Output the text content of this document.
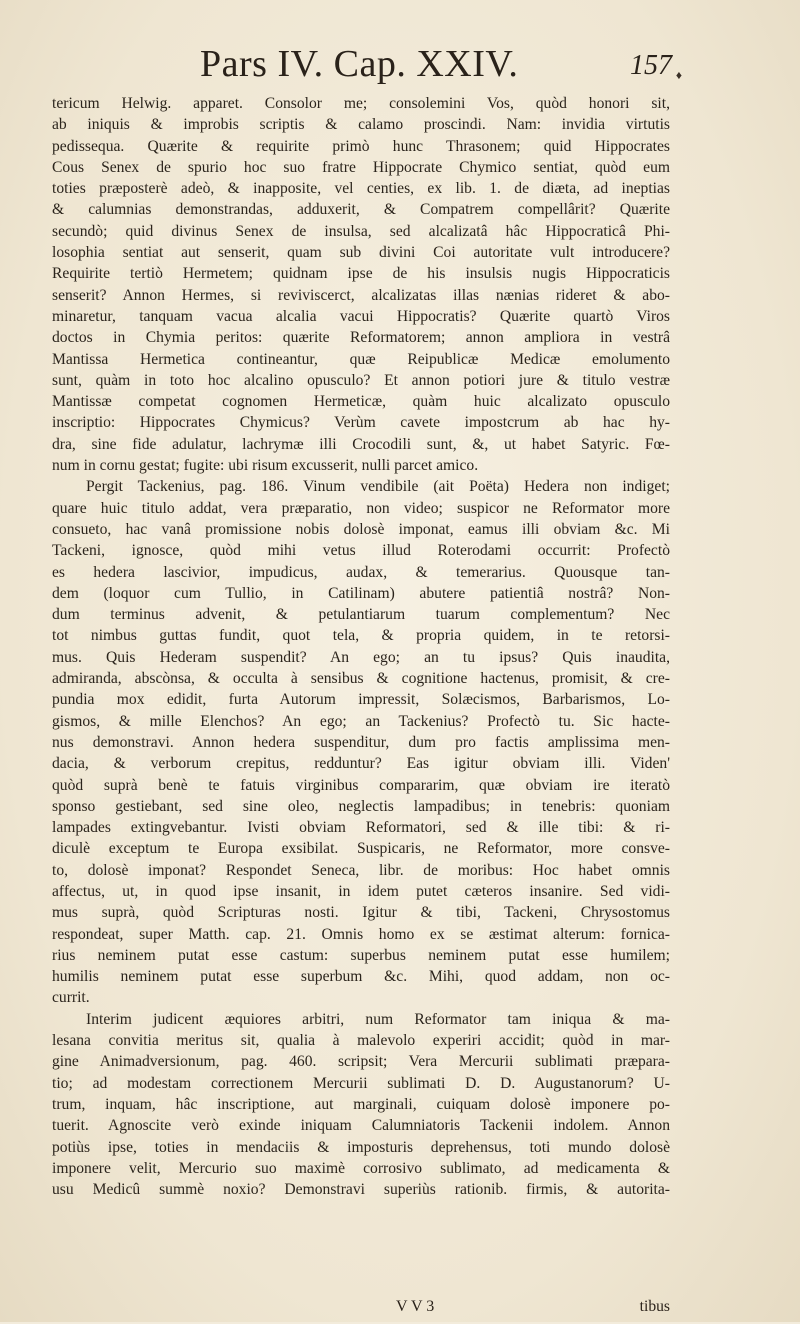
Pars IV. Cap. XXIV.	157 ♦
tericum Helwig. apparet. Consolor me; consolemini Vos, quòd honori sit,
ab iniquis & improbis scriptis & calamo proscindi. Nam: invidia virtutis
pedissequa. Quærite & requirite primò hunc Thrasonem; quid Hippocrates
Cous Senex de spurio hoc suo fratre Hippocrate Chymico sentiat, quòd eum
toties præposterè adeò, & inapposite, vel centies, ex lib. 1. de diæta, ad ineptias
& calumnias demonstrandas, adduxerit, & Compatrem compellârit? Quærite
secundò; quid divinus Senex de insulsa, sed alcalizatâ hâc Hippocraticâ Phi-
losophia sentiat aut senserit, quam sub divini Coi autoritate vult introducere?
Requirite tertiò Hermetem; quidnam ipse de his insulsis nugis Hippocraticis
senserit? Annon Hermes, si reviviscerct, alcalizatas illas nænias rideret & abo-
minaretur, tanquam vacua alcalia vacui Hippocratis? Quærite quartò Viros
doctos in Chymia peritos: quærite Reformatorem; annon ampliora in vestrâ
Mantissa Hermetica contineantur, quæ Reipublicæ Medicæ emolumento
sunt, quàm in toto hoc alcalino opusculo? Et annon potiori jure & titulo vestræ
Mantissæ competat cognomen Hermeticæ, quàm huic alcalizato opusculo
inscriptio: Hippocrates Chymicus? Verùm cavete impostcrum ab hac hy-
dra, sine fide adulatur, lachrymæ illi Crocodili sunt, &, ut habet Satyric. Fœ-
num in cornu gestat; fugite: ubi risum excusserit, nulli parcet amico.
Pergit Tackenius, pag. 186. Vinum vendibile (ait Poëta) Hedera non indiget;
quare huic titulo addat, vera præparatio, non video; suspicor ne Reformator more
consueto, hac vanâ promissione nobis dolosè imponat, eamus illi obviam &c. Mi
Tackeni, ignosce, quòd mihi vetus illud Roterodami occurrit: Profectò
es hedera lascivior, impudicus, audax, & temerarius. Quousque tan-
dem (loquor cum Tullio, in Catilinam) abutere patientiâ nostrâ? Non-
dum terminus advenit, & petulantiarum tuarum complementum? Nec
tot nimbus guttas fundit, quot tela, & propria quidem, in te retorsi-
mus. Quis Hederam suspendit? An ego; an tu ipsus? Quis inaudita,
admiranda, abscònsa, & occulta à sensibus & cognitione hactenus, promisit, & cre-
pundia mox edidit, furta Autorum impressit, Solæcismos, Barbarismos, Lo-
gismos, & mille Elenchos? An ego; an Tackenius? Profectò tu. Sic hacte-
nus demonstravi. Annon hedera suspenditur, dum pro factis amplissima men-
dacia, & verborum crepitus, redduntur? Eas igitur obviam illi. Viden'
quòd suprà benè te fatuis virginibus compararim, quæ obviam ire iteratò
sponso gestiebant, sed sine oleo, neglectis lampadibus; in tenebris: quoniam
lampades extingvebantur. Ivisti obviam Reformatori, sed & ille tibi: & ri-
diculè exceptum te Europa exsibilat. Suspicaris, ne Reformator, more consve-
to, dolosè imponat? Respondet Seneca, libr. de moribus: Hoc habet omnis
affectus, ut, in quod ipse insanit, in idem putet cæteros insanire. Sed vidi-
mus suprà, quòd Scripturas nosti. Igitur & tibi, Tackeni, Chrysostomus
respondeat, super Matth. cap. 21. Omnis homo ex se æstimat alterum: fornica-
rius neminem putat esse castum: superbus neminem putat esse humilem;
humilis neminem putat esse superbum &c. Mihi, quod addam, non oc-
currit.
Interim judicent æquiores arbitri, num Reformator tam iniqua & ma-
lesana convitia meritus sit, qualia à malevolo experiri accidit; quòd in mar-
gine Animadversionum, pag. 460. scripsit; Vera Mercurii sublimati præpara-
tio; ad modestam correctionem Mercurii sublimati D. D. Augustanorum? U-
trum, inquam, hâc inscriptione, aut marginali, cuiquam dolosè imponere po-
tuerit. Agnoscite verò exinde iniquam Calumniatoris Tackenii indolem. Annon
potiùs ipse, toties in mendaciis & imposturis deprehensus, toti mundo dolosè
imponere velit, Mercurio suo maximè corrosivo sublimato, ad medicamenta &
usu Medicû summè noxio? Demonstravi superiùs rationib. firmis, & autorita-
V V 3	tibus
